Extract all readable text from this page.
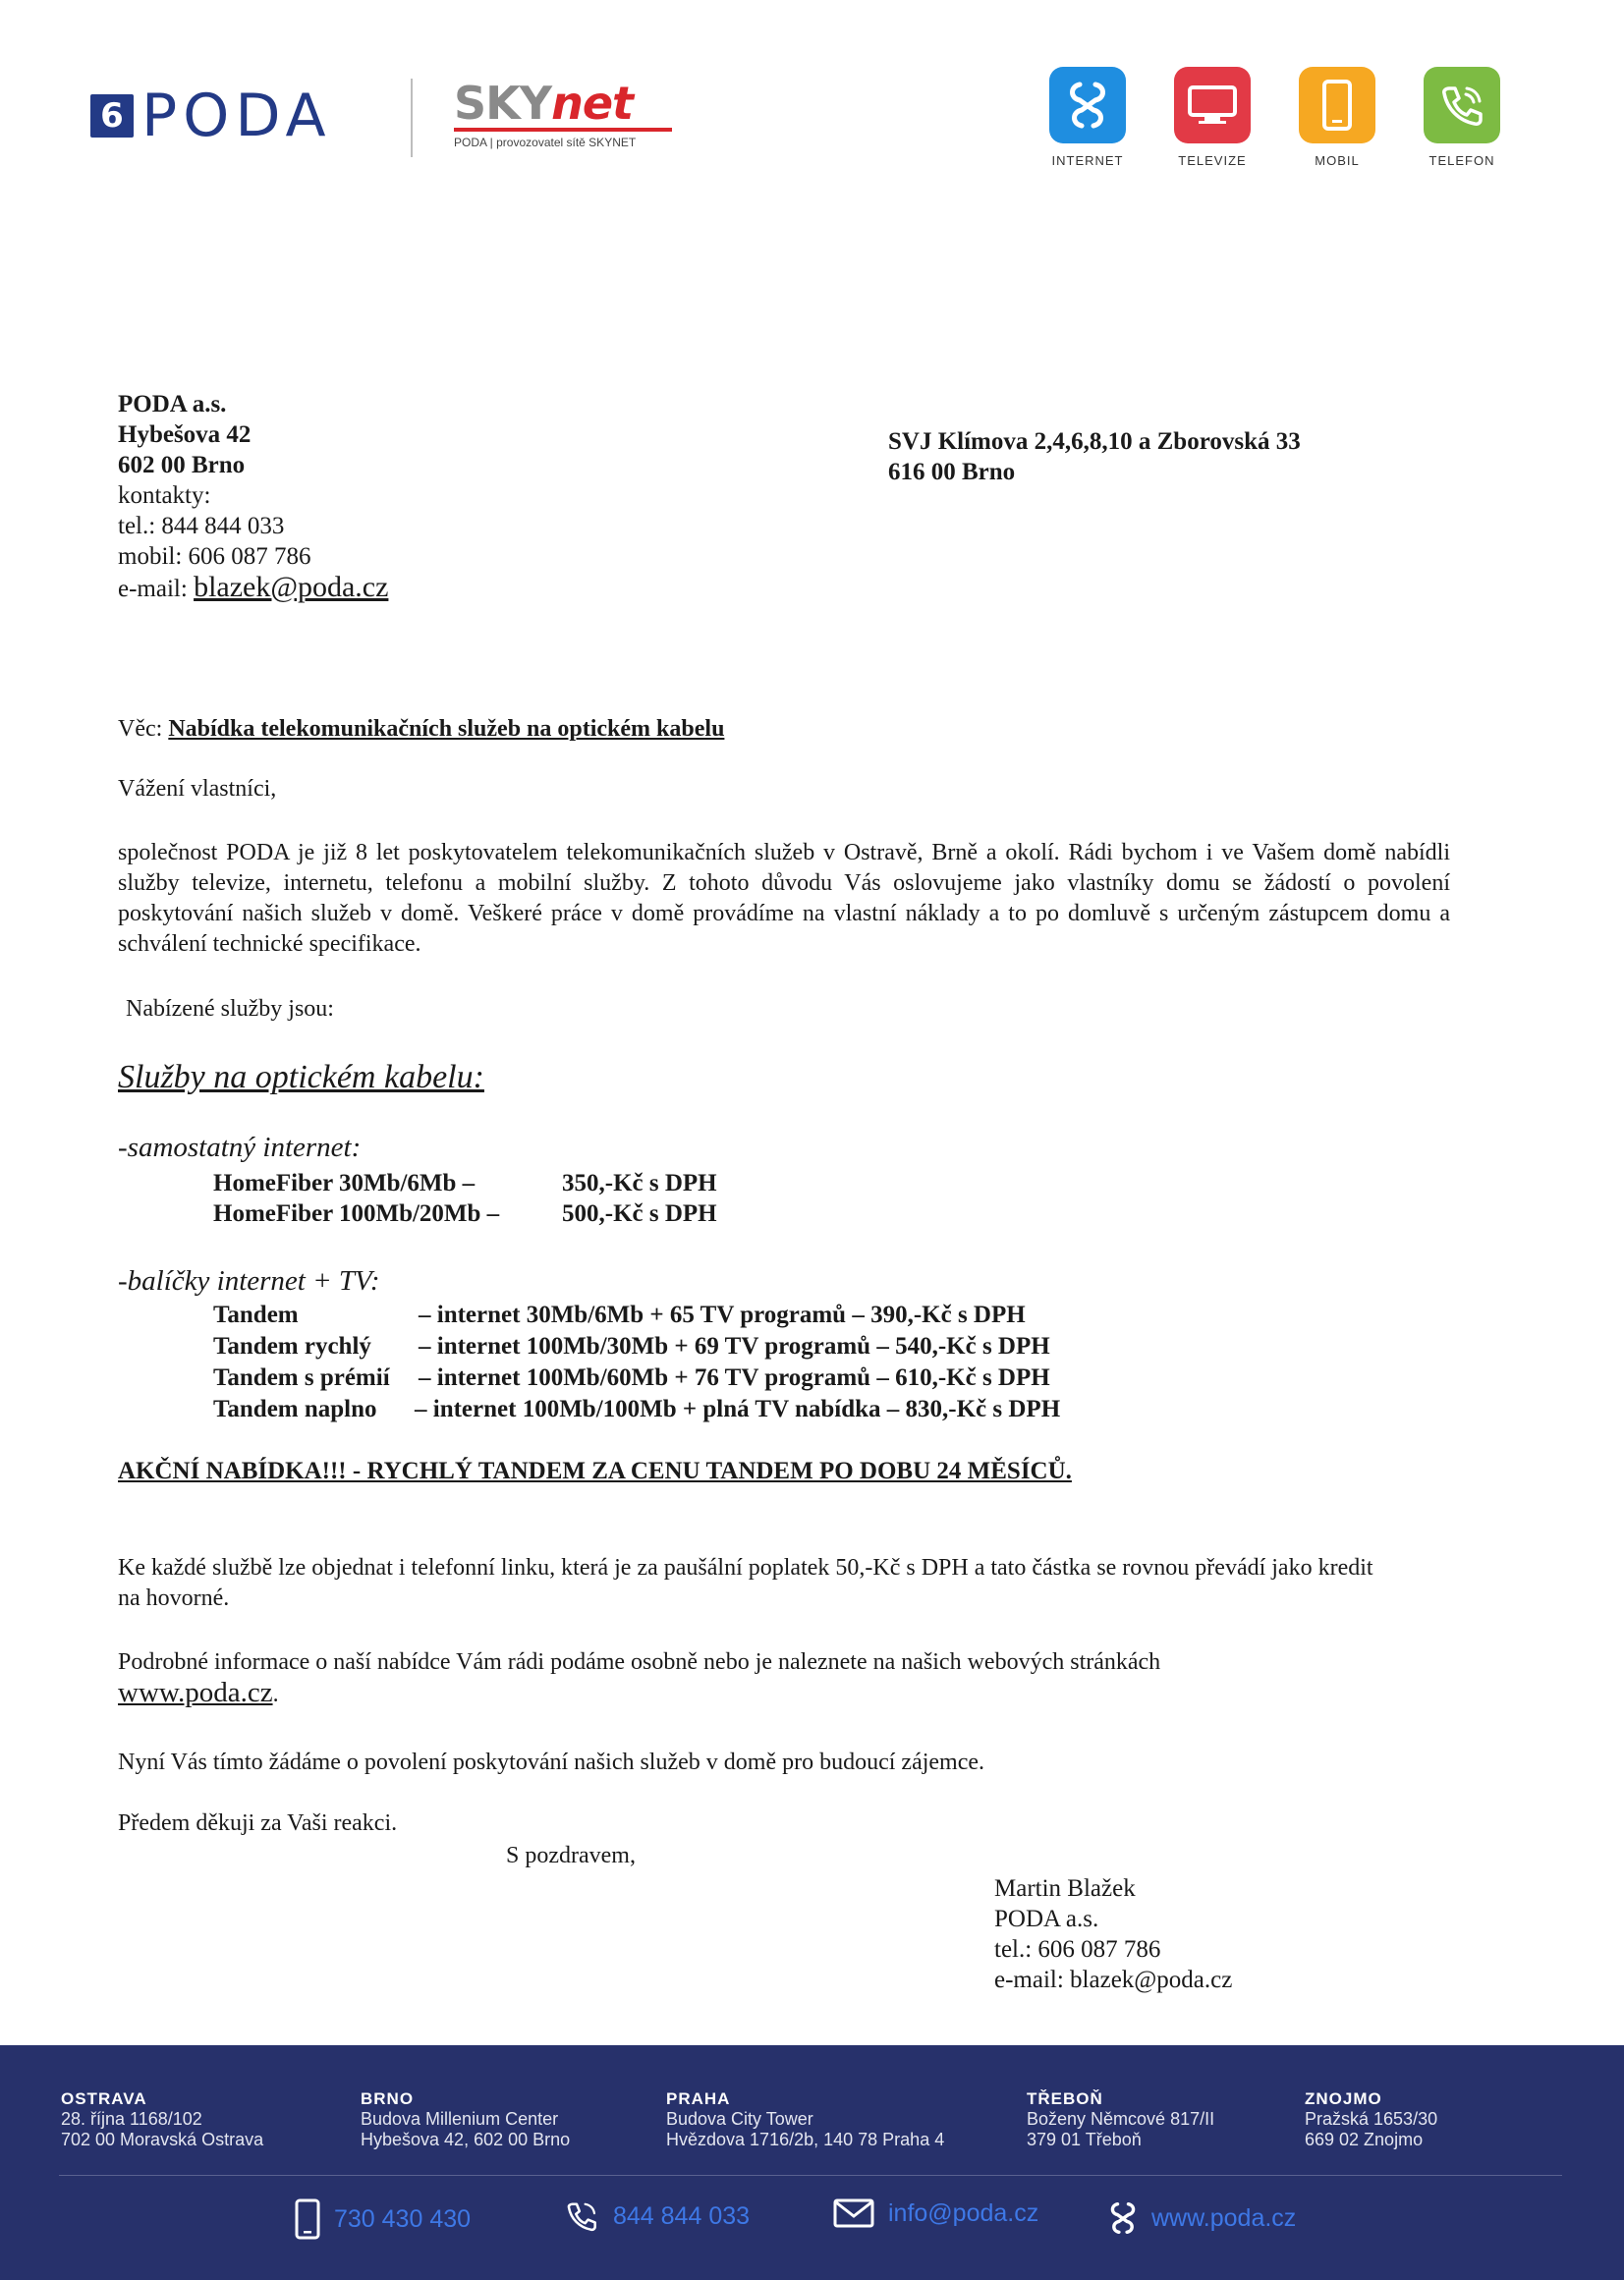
6 PODA	SKYnet
PODA | provozovatel sítě SKYNET
INTERNET	TELEVIZE	MOBIL	TELEFON
PODA a.s.
Hybešova 42
602 00 Brno
kontakty:
tel.: 844 844 033
mobil: 606 087 786
e-mail: blazek@poda.cz
SVJ Klímova 2,4,6,8,10 a Zborovská 33
616 00 Brno
Věc: Nabídka telekomunikačních služeb na optickém kabelu
Vážení vlastníci,
společnost PODA je již 8 let poskytovatelem telekomunikačních služeb v Ostravě, Brně a okolí. Rádi bychom i ve Vašem domě nabídli služby televize, internetu, telefonu a mobilní služby. Z tohoto důvodu Vás oslovujeme jako vlastníky domu se žádostí o povolení poskytování našich služeb v domě. Veškeré práce v domě provádíme na vlastní náklady a to po domluvě s určeným zástupcem domu a schválení technické specifikace.
Nabízené služby jsou:
Služby na optickém kabelu:
-samostatný internet:
HomeFiber 30Mb/6Mb –	350,-Kč s DPH
HomeFiber 100Mb/20Mb –	500,-Kč s DPH
-balíčky internet + TV:
Tandem	– internet 30Mb/6Mb + 65 TV programů – 390,-Kč s DPH
Tandem rychlý – internet 100Mb/30Mb + 69 TV programů – 540,-Kč s DPH
Tandem s prémií – internet 100Mb/60Mb + 76 TV programů – 610,-Kč s DPH
Tandem naplno – internet 100Mb/100Mb + plná TV nabídka – 830,-Kč s DPH
AKČNÍ NABÍDKA!!! - RYCHLÝ TANDEM ZA CENU TANDEM PO DOBU 24 MĚSÍCŮ.
Ke každé službě lze objednat i telefonní linku, která je za paušální poplatek 50,-Kč s DPH a tato částka se rovnou převádí jako kredit na hovorné.
Podrobné informace o naší nabídce Vám rádi podáme osobně nebo je naleznete na našich webových stránkách
www.poda.cz.
Nyní Vás tímto žádáme o povolení poskytování našich služeb v domě pro budoucí zájemce.
Předem děkuji za Vaši reakci.
S pozdravem,
Martin Blažek
PODA a.s.
tel.: 606 087 786
e-mail: blazek@poda.cz
OSTRAVA
28. října 1168/102
702 00 Moravská Ostrava
BRNO
Budova Millenium Center
Hybešova 42, 602 00 Brno
PRAHA
Budova City Tower
Hvězdova 1716/2b, 140 78 Praha 4
TŘEBOŇ
Boženy Němcové 817/II
379 01 Třeboň
ZNOJMO
Pražská 1653/30
669 02 Znojmo
730 430 430	844 844 033	info@poda.cz	www.poda.cz
